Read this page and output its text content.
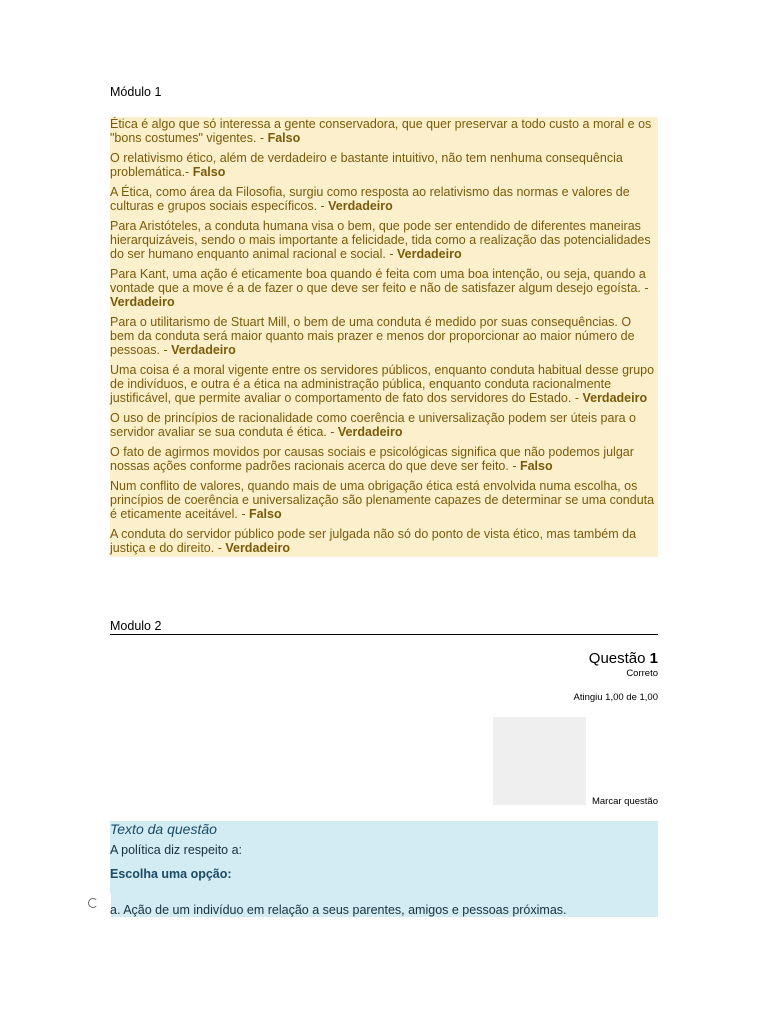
Módulo 1
Ética é algo que só interessa a gente conservadora, que quer preservar a todo custo a moral e os "bons costumes" vigentes. - Falso
O relativismo ético, além de verdadeiro e bastante intuitivo, não tem nenhuma consequência problemática.- Falso
A Ética, como área da Filosofia, surgiu como resposta ao relativismo das normas e valores de culturas e grupos sociais específicos. - Verdadeiro
Para Aristóteles, a conduta humana visa o bem, que pode ser entendido de diferentes maneiras hierarquizáveis, sendo o mais importante a felicidade, tida como a realização das potencialidades do ser humano enquanto animal racional e social. - Verdadeiro
Para Kant, uma ação é eticamente boa quando é feita com uma boa intenção, ou seja, quando a vontade que a move é a de fazer o que deve ser feito e não de satisfazer algum desejo egoísta. - Verdadeiro
Para o utilitarismo de Stuart Mill, o bem de uma conduta é medido por suas consequências. O bem da conduta será maior quanto mais prazer e menos dor proporcionar ao maior número de pessoas. - Verdadeiro
Uma coisa é a moral vigente entre os servidores públicos, enquanto conduta habitual desse grupo de indivíduos, e outra é a ética na administração pública, enquanto conduta racionalmente justificável, que permite avaliar o comportamento de fato dos servidores do Estado. - Verdadeiro
O uso de princípios de racionalidade como coerência e universalização podem ser úteis para o servidor avaliar se sua conduta é ética. - Verdadeiro
O fato de agirmos movidos por causas sociais e psicológicas significa que não podemos julgar nossas ações conforme padrões racionais acerca do que deve ser feito. - Falso
Num conflito de valores, quando mais de uma obrigação ética está envolvida numa escolha, os princípios de coerência e universalização são plenamente capazes de determinar se uma conduta é eticamente aceitável. - Falso
A conduta do servidor público pode ser julgada não só do ponto de vista ético, mas também da justiça e do direito. - Verdadeiro
Modulo 2
Questão 1
Correto
Atingiu 1,00 de 1,00
Marcar questão
Texto da questão
A política diz respeito a:
Escolha uma opção:
a. Ação de um indivíduo em relação a seus parentes, amigos e pessoas próximas.
